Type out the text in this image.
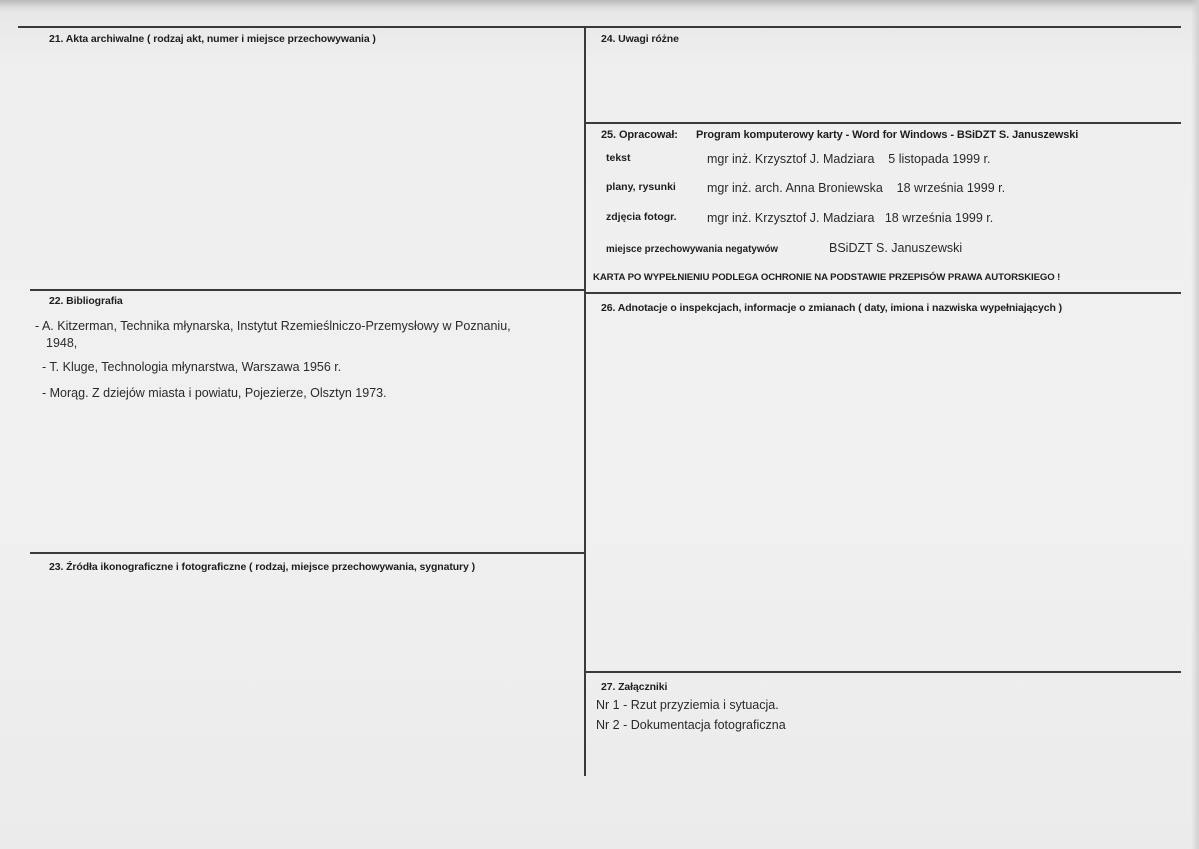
21. Akta archiwalne ( rodzaj akt, numer i miejsce przechowywania )
22. Bibliografia
- A. Kitzerman, Technika młynarska, Instytut Rzemieślniczo-Przemysłowy w Poznaniu,
1948,
- T. Kluge, Technologia młynarstwa, Warszawa 1956 r.
- Morąg. Z dziejów miasta i powiatu, Pojezierze, Olsztyn 1973.
23. Źródła ikonograficzne i fotograficzne ( rodzaj, miejsce przechowywania, sygnatury )
24. Uwagi różne
25. Opracował: Program komputerowy karty - Word for Windows - BSiDZT S. Januszewski
tekst	mgr inż. Krzysztof J. Madziara    5 listopada 1999 r.
plany, rysunki mgr inż. arch. Anna Broniewska    18 września 1999 r.
zdjęcia fotogr. mgr inż. Krzysztof J. Madziara   18 września 1999 r.
miejsce przechowywania negatywów	BSiDZT S. Januszewski
KARTA PO WYPEŁNIENIU PODLEGA OCHRONIE NA PODSTAWIE PRZEPISÓW PRAWA AUTORSKIEGO !
26. Adnotacje o inspekcjach, informacje o zmianach ( daty, imiona i nazwiska wypełniających )
27. Załączniki
Nr 1 - Rzut przyziemia i sytuacja.
Nr 2 - Dokumentacja fotograficzna
